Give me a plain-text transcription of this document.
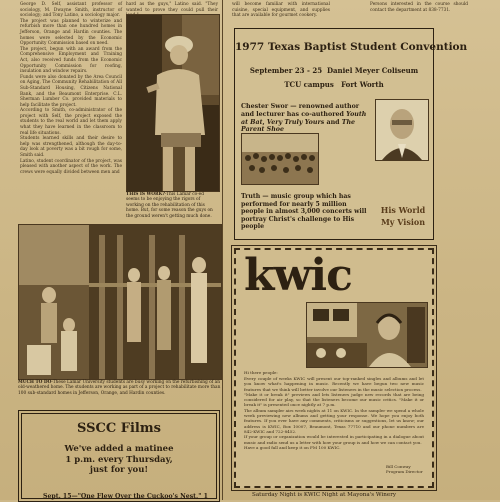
George D. Self, assistant professor of sociology, M. Dwayne Smith, instructor of sociology; and Tony Latino, a sociology major.
The project was planned to winterize and refurbish more than one hundred homes in Jefferson, Orange and Hardin counties. The homes were selected by the Economic Opportunity Commission based on need.
The project, begun with an award from the Comprehensive Employment and Training Act, also received funds from the Economic Opportunity Commission for roofing, insulation and window repairs.
Funds were also donated by the Area Council on Aging, The Community Rehabilitation of All Sub-Standard Housing, Citizens National Bank, and the Beaumont Enterprise. C.L. Sherman Lumber Co. provided materials to help facilitate the project.
According to Smith, co-administrator of the project with Self, the project exposed the students to the real world and let them apply what they have learned in the classroom to real life situations.
Students learned skills and their desire to help was strengthened, although the day-to-day look at poverty was a bit rough for some, Smith said.
Latino, student coordinator of the project, was pleased with another aspect of the work. The crews were equally divided between men and
hard as the guys," Latino said. "They wanted to prove they could pull their
THIS IS WORK?-This Lamar co-ed seems to be enjoying the rigors of working on the rehabilitation of this home. But, for some reason the guys on the ground weren't getting much done.
MUCH TO DO-These Lamar University students are busy working on the refurbishing of an old-weathered home. The students are working as part of a project to rehabilitate more than 100 sub-standard homes in Jefferson, Orange, and Hardin counties.
SSCC Films
We've added a matinee
1 p.m. every Thursday,
just for you!
Sept. 15—"One Flew Over the Cuckoo's Nest," 1
will become familiar with international cuisine, special equipment, and supplies that are available for gourmet cookery.
Persons interested in the course should contact the department at 838-7731.
1977 Texas Baptist Student Convention
September 23 - 25 Daniel Meyer Coliseum
TCU campus Fort Worth
Chester Swor — renowned author and lecturer has co-authored Youth at Bat, Very Truly Yours and The Parent Shoe
Truth — music group which has performed for nearly 5 million people in almost 3,000 concerts will portray Christ's challenge to His people
His World
My Vision
kwic
Hi there people:
Every couple of weeks KWIC will present our top-ranked singles and albums and let you know what's happening in music. Recently we have begun two new music features that we think will better involve our listeners in the music selection process.
"Make it or break it" previews and lets listeners judge new records that are being considered for air play, so that the listeners become our music critics. "Make it or break it" is presented once nightly at 7 p.m.
The album sampler airs week nights at 11 on KWIC. In the sampler we spend a whole week previewing new albums and getting your response. We hope you enjoy both features. If you ever have any comments, criticisms or suggestions, let us know; our address is KWIC, Box 10007, Beaumont, Texas 77710 and our phone numbers are 842-KWIC and 722-8452.
If your group or organization would be interested in participating in a dialogue about music and radio send us a letter with how your group is and how we can contact you.
Have a good fall and keep it on FM 100 KWIC.
Bill Conway
Program Director
Saturday Night is KWIC Night at Mayona's Winery
